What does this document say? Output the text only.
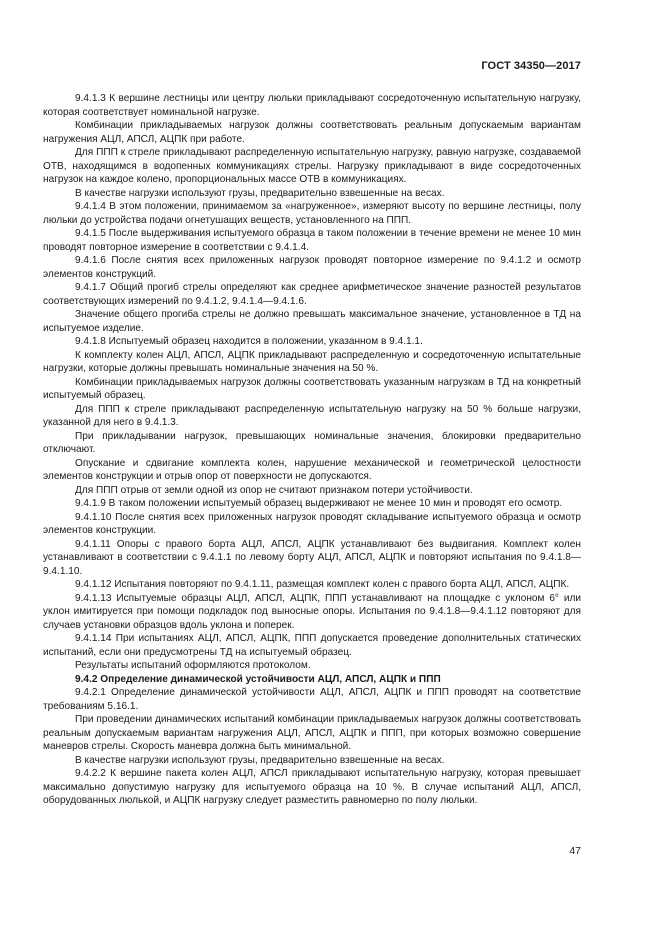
ГОСТ 34350—2017

9.4.1.3 К вершине лестницы или центру люльки прикладывают сосредоточенную испытательную нагрузку, которая соответствует номинальной нагрузке.

Комбинации прикладываемых нагрузок должны соответствовать реальным допускаемым вариантам нагружения АЦЛ, АПСЛ, АЦПК при работе.

Для ППП к стреле прикладывают распределенную испытательную нагрузку, равную нагрузке, создаваемой ОТВ, находящимся в водопенных коммуникациях стрелы. Нагрузку прикладывают в виде сосредоточенных нагрузок на каждое колено, пропорциональных массе ОТВ в коммуникациях.

В качестве нагрузки используют грузы, предварительно взвешенные на весах.

9.4.1.4 В этом положении, принимаемом за «нагруженное», измеряют высоту по вершине лестницы, полу люльки до устройства подачи огнетушащих веществ, установленного на ППП.

9.4.1.5 После выдерживания испытуемого образца в таком положении в течение времени не менее 10 мин проводят повторное измерение в соответствии с 9.4.1.4.

9.4.1.6 После снятия всех приложенных нагрузок проводят повторное измерение по 9.4.1.2 и осмотр элементов конструкций.

9.4.1.7 Общий прогиб стрелы определяют как среднее арифметическое значение разностей результатов соответствующих измерений по 9.4.1.2, 9.4.1.4—9.4.1.6.

Значение общего прогиба стрелы не должно превышать максимальное значение, установленное в ТД на испытуемое изделие.

9.4.1.8 Испытуемый образец находится в положении, указанном в 9.4.1.1.

К комплекту колен АЦЛ, АПСЛ, АЦПК прикладывают распределенную и сосредоточенную испытательные нагрузки, которые должны превышать номинальные значения на 50 %.

Комбинации прикладываемых нагрузок должны соответствовать указанным нагрузкам в ТД на конкретный испытуемый образец.

Для ППП к стреле прикладывают распределенную испытательную нагрузку на 50 % больше нагрузки, указанной для него в 9.4.1.3.

При прикладывании нагрузок, превышающих номинальные значения, блокировки предварительно отключают.

Опускание и сдвигание комплекта колен, нарушение механической и геометрической целостности элементов конструкции и отрыв опор от поверхности не допускаются.

Для ППП отрыв от земли одной из опор не считают признаком потери устойчивости.

9.4.1.9 В таком положении испытуемый образец выдерживают не менее 10 мин и проводят его осмотр.

9.4.1.10 После снятия всех приложенных нагрузок проводят складывание испытуемого образца и осмотр элементов конструкции.

9.4.1.11 Опоры с правого борта АЦЛ, АПСЛ, АЦПК устанавливают без выдвигания. Комплект колен устанавливают в соответствии с 9.4.1.1 по левому борту АЦЛ, АПСЛ, АЦПК и повторяют испытания по 9.4.1.8—9.4.1.10.

9.4.1.12 Испытания повторяют по 9.4.1.11, размещая комплект колен с правого борта АЦЛ, АПСЛ, АЦПК.

9.4.1.13 Испытуемые образцы АЦЛ, АПСЛ, АЦПК, ППП устанавливают на площадке с уклоном 6° или уклон имитируется при помощи подкладок под выносные опоры. Испытания по 9.4.1.8—9.4.1.12 повторяют для случаев установки образцов вдоль уклона и поперек.

9.4.1.14 При испытаниях АЦЛ, АПСЛ, АЦПК, ППП допускается проведение дополнительных статических испытаний, если они предусмотрены ТД на испытуемый образец.

Результаты испытаний оформляются протоколом.

9.4.2 Определение динамической устойчивости АЦЛ, АПСЛ, АЦПК и ППП

9.4.2.1 Определение динамической устойчивости АЦЛ, АПСЛ, АЦПК и ППП проводят на соответствие требованиям 5.16.1.

При проведении динамических испытаний комбинации прикладываемых нагрузок должны соответствовать реальным допускаемым вариантам нагружения АЦЛ, АПСЛ, АЦПК и ППП, при которых возможно совершение маневров стрелы. Скорость маневра должна быть минимальной.

В качестве нагрузки используют грузы, предварительно взвешенные на весах.

9.4.2.2 К вершине пакета колен АЦЛ, АПСЛ прикладывают испытательную нагрузку, которая превышает максимально допустимую нагрузку для испытуемого образца на 10 %. В случае испытаний АЦЛ, АПСЛ, оборудованных люлькой, и АЦПК нагрузку следует разместить равномерно по полу люльки.

47
